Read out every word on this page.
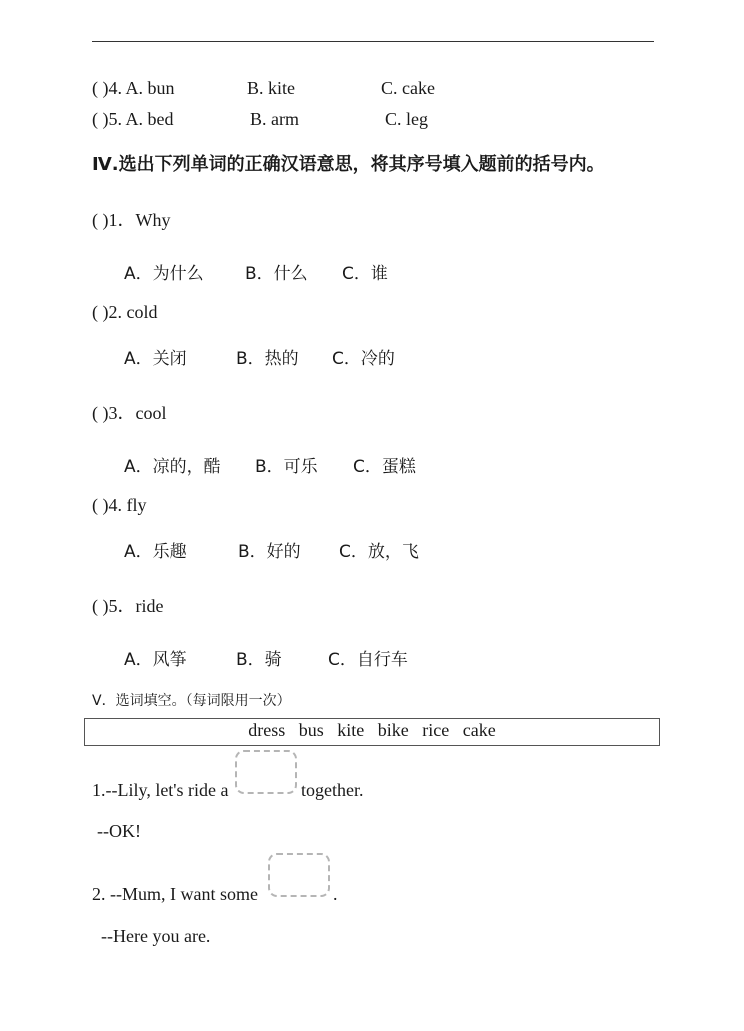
( )4. A. bun	B. kite	C. cake
( )5. A. bed	B. arm	C. leg
Ⅳ.选出下列单词的正确汉语意思，将其序号填入题前的括号内。
( )1．Why
A．为什么 B．什么 C．谁
( )2. cold
A．关闭	B．热的 C．冷的
( )3．cool
A．凉的，酷 B．可乐 C．蛋糕
( )4. fly
A．乐趣	B．好的 C．放，飞
( )5．ride
A．风筝	B．骑	C．自行车
Ⅴ．选词填空。（每词限用一次）
dress bus kite bike rice cake
1.--Lily, let's ride a	together.
--OK!
2. --Mum, I want some	.
--Here you are.
